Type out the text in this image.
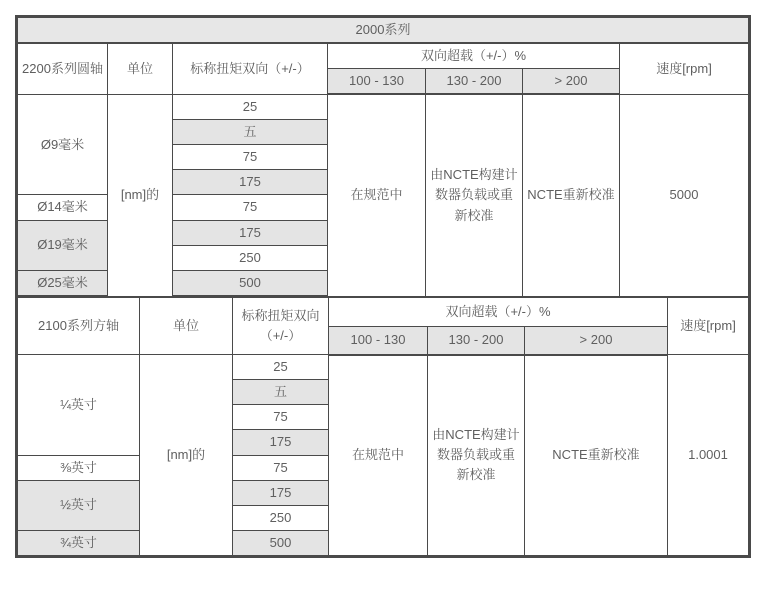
2000系列						
2200系列圆轴	单位	标称扭矩双向（+/-）	双向超载（+/-）%			速度[rpm]
			100 - 130	130 - 200	> 200	
Ø9毫米	[nm]的	25	在规范中	由NCTE构建计数器负载或重新校准	NCTE重新校准	5000
		五				
		75				
		175				
Ø14毫米		75				
Ø19毫米		175				
		250				
Ø25毫米		500				
2100系列方轴	单位	标称扭矩双向（+/-）	双向超载（+/-）%			速度[rpm]
			100 - 130	130 - 200	> 200	
¼英寸	[nm]的	25	在规范中	由NCTE构建计数器负载或重新校准	NCTE重新校准	1.0001
		五				
		75				
		175				
⅜英寸		75				
½英寸		175				
		250				
¾英寸		500				
